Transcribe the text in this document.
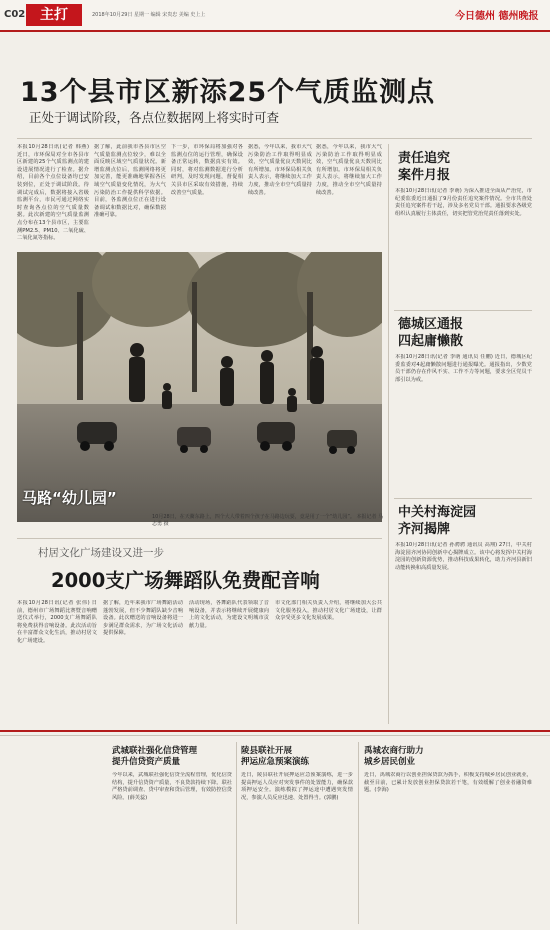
C02	主打	2018年10月29日 星期一 编辑 宋贵忠 美编 史上上	今日德州 德州晚报
13个县市区新添25个气质监测点
正处于调试阶段，各点位数据网上将实时可查
本报10月28日讯(记者 韩燕) 近日，市环保局对全市各县市区新建的25个气质监测点的建设进展情况进行了检查。据介绍，目前各个点位设备均已安装到位，正处于调试阶段。待调试完成后，数据将接入省级监测平台，市民可通过网络实时查询各点位的空气质量数据。此次新建的空气质量监测点分布在13个县市区，主要监测PM2.5、PM10、二氧化硫、二氧化氮等指标。
据了解，此前我市各县市区空气质量监测点位较少，难以全面反映区域空气质量状况。新增监测点位后，监测网络将更加完善，能更准确地掌握各区域空气质量变化情况，为大气污染防治工作提供科学依据。目前，各监测点位正在进行设备调试和数据比对，确保数据准确可靠。
下一步，市环保局将加强对各监测点位的运行管理，确保设备正常运转，数据真实有效。同时，将对监测数据进行分析研判，及时发现问题，督促相关县市区采取有效措施，持续改善空气质量。
据悉，今年以来，我市大气污染防治工作取得明显成效，空气质量优良天数同比有所增加。市环保局相关负责人表示，将继续加大工作力度，推动全市空气质量持续改善。
据悉，今年以来，我市大气污染防治工作取得明显成效，空气质量优良天数同比有所增加。市环保局相关负责人表示，将继续加大工作力度，推动全市空气质量持续改善。
马路“幼儿园”
10月28日，在天衢东路上，四个大人带着四个孩子在马路边玩耍，竟是用了一个“幼儿园”。 本报记者 马志勇 摄
责任追究
案件月报
本报10月28日讯(记者 李萌) 为深入推进全面从严治党，市纪委监委近日通报了9月份责任追究案件情况。全市共查处责任追究案件若干起，涉及多名党员干部。通报要求各级党组织认真履行主体责任，切实把管党治党责任落到实处。
德城区通报
四起庸懒散
本报10月28日讯(记者 李萌 通讯员 任鹏) 近日，德城区纪委监委对4起庸懒散问题进行通报曝光。通报指出，少数党员干部仍存在作风不实、工作不力等问题，要求全区党员干部引以为戒。
中关村海淀园
齐河揭牌
本报10月28日讯(记者 孙骋骋 通讯员 高翔) 27日，中关村海淀园齐河协同创新中心揭牌成立。该中心将发挥中关村海淀园的创新资源优势，推动科技成果转化，助力齐河县新旧动能转换和高质量发展。
村居文化广场建设又进一步
2000支广场舞蹈队免费配音响
本报10月28日讯(记者 张伟) 日前，德州市广场舞蹈比赛暨音响赠送仪式举行，2000支广场舞蹈队将免费获得音响设备。此次活动旨在丰富群众文化生活，推动村居文化广场建设。
据了解，近年来我市广场舞蹈活动蓬勃发展，但不少舞蹈队缺少音响设备。此次赠送的音响设备将进一步满足群众需求，为广场文化活动提供保障。
活动现场，各舞蹈队代表领取了音响设备，并表示将继续开展健康向上的文化活动，为建设文明城市贡献力量。
市文化部门相关负责人介绍，将继续加大公共文化服务投入，推动村居文化广场建设，让群众享受更多文化发展成果。
武城联社强化信贷管理
提升信贷资产质量
今年以来，武城联社强化信贷全流程管理，优化信贷结构，提升信贷资产质量，不良贷款持续下降。联社严格贷前调查、贷中审查和贷后管理，有效防控信贷风险。(薛芙蕊)
陵县联社开展
押运应急预案演练
近日，陵县联社开展押运应急预案演练，进一步提高押运人员应对突发事件的处置能力，确保款项押运安全。演练模拟了押运途中遭遇突发情况，参演人员反应迅速、处置得当。(郭鹏)
禹城农商行助力
城乡居民创业
近日，禹城农商行以创业担保贷款为抓手，积极支持城乡居民创业就业，截至目前，已累计发放创业担保贷款若干笔，有效缓解了创业者融资难题。(李海)
